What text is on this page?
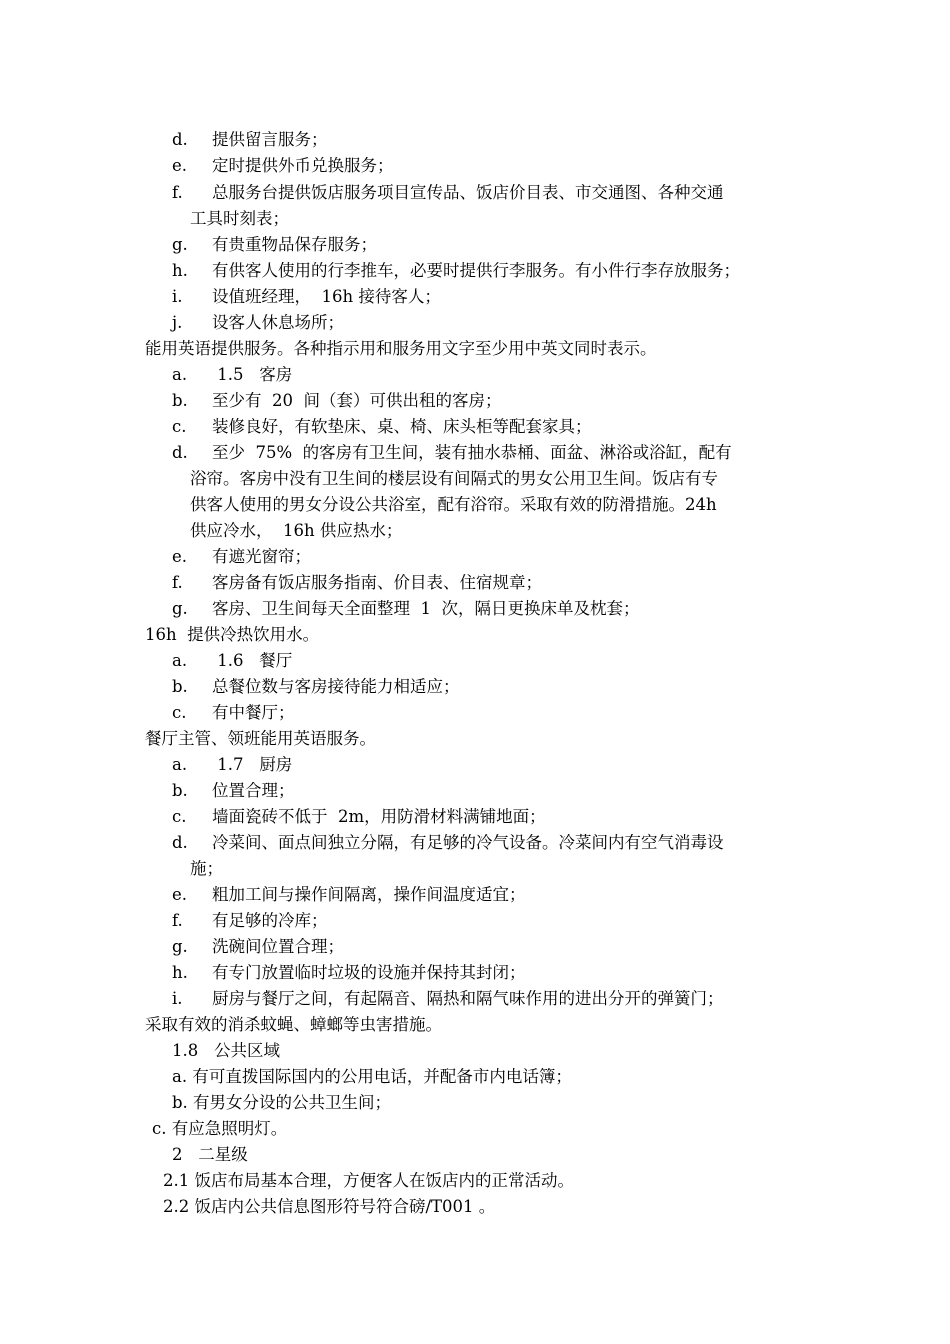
d. 提供留言服务；
e. 定时提供外币兑换服务；
f. 总服务台提供饭店服务项目宣传品、饭店价目表、市交通图、各种交通
工具时刻表；
g. 有贵重物品保存服务；
h. 有供客人使用的行李推车，必要时提供行李服务。有小件行李存放服务；
i. 设值班经理，  16h 接待客人；
j. 设客人休息场所；
能用英语提供服务。各种指示用和服务用文字至少用中英文同时表示。
a. 1.5   客房
b. 至少有  20  间（套）可供出租的客房；
c. 装修良好，有软垫床、桌、椅、床头柜等配套家具；
d. 至少  75%  的客房有卫生间，装有抽水恭桶、面盆、淋浴或浴缸，配有
浴帘。客房中没有卫生间的楼层设有间隔式的男女公用卫生间。饭店有专
供客人使用的男女分设公共浴室，配有浴帘。采取有效的防滑措施。24h
供应冷水，  16h 供应热水；
e. 有遮光窗帘；
f. 客房备有饭店服务指南、价目表、住宿规章；
g. 客房、卫生间每天全面整理  1  次，隔日更换床单及枕套；
16h  提供冷热饮用水。
a. 1.6   餐厅
b. 总餐位数与客房接待能力相适应；
c. 有中餐厅；
餐厅主管、领班能用英语服务。
a. 1.7   厨房
b. 位置合理；
c. 墙面瓷砖不低于  2m，用防滑材料满铺地面；
d. 冷菜间、面点间独立分隔，有足够的冷气设备。冷菜间内有空气消毒设
施；
e. 粗加工间与操作间隔离，操作间温度适宜；
f. 有足够的冷库；
g. 洗碗间位置合理；
h. 有专门放置临时垃圾的设施并保持其封闭；
i. 厨房与餐厅之间，有起隔音、隔热和隔气味作用的进出分开的弹簧门；
采取有效的消杀蚊蝇、蟑螂等虫害措施。
1.8   公共区域
a. 有可直拨国际国内的公用电话，并配备市内电话簿；
b. 有男女分设的公共卫生间；
c. 有应急照明灯。
2   二星级
2.1 饭店布局基本合理，方便客人在饭店内的正常活动。
2.2 饭店内公共信息图形符号符合磅/T001 。
